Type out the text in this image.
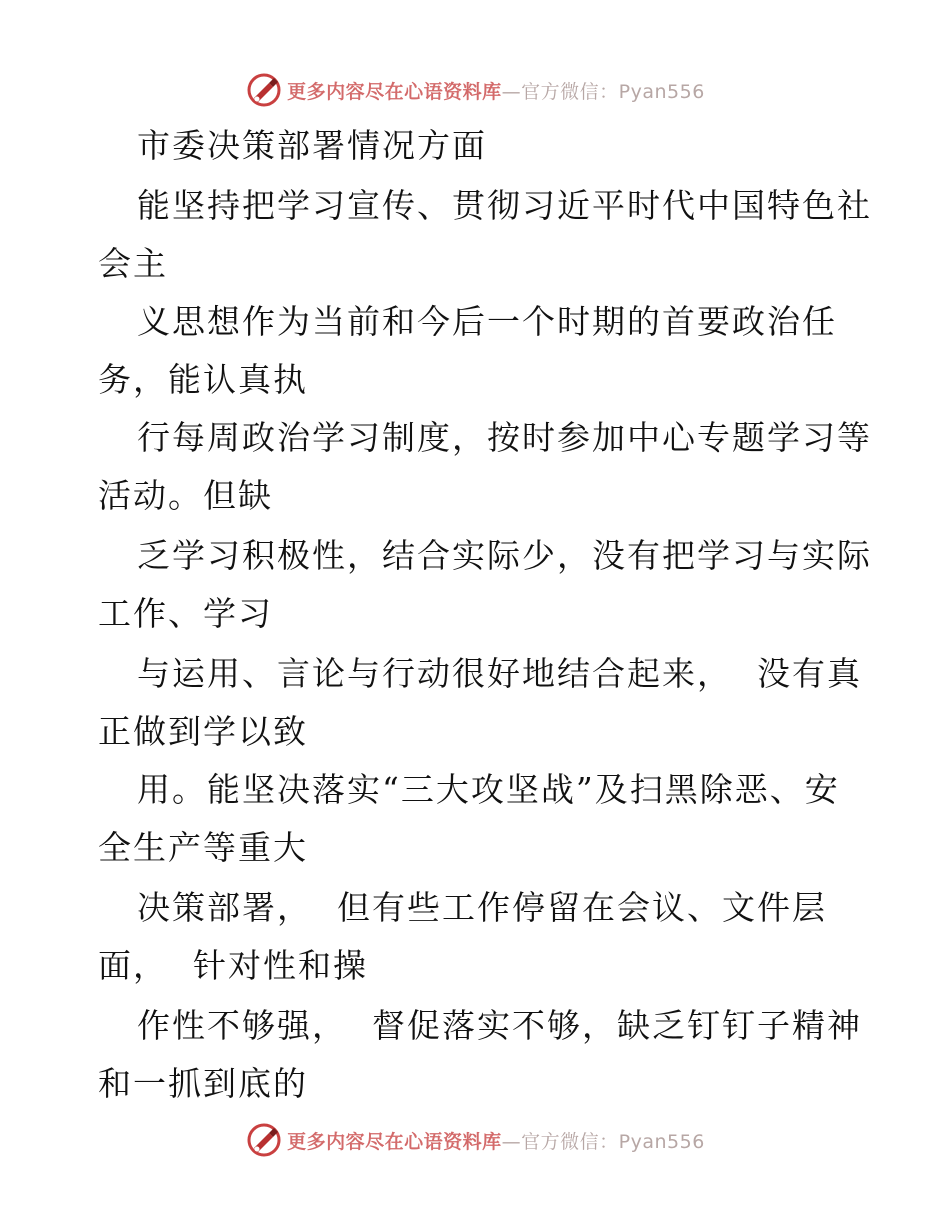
更多内容尽在心语资料库—官方微信：Pyan556
市委决策部署情况方面
能坚持把学习宣传、贯彻习近平时代中国特色社
会主
义思想作为当前和今后一个时期的首要政治任
务，能认真执
行每周政治学习制度，按时参加中心专题学习等
活动。但缺
乏学习积极性，结合实际少，没有把学习与实际
工作、学习
与运用、言论与行动很好地结合起来，  没有真
正做到学以致
用。能坚决落实“三大攻坚战”及扫黑除恶、安
全生产等重大
决策部署，  但有些工作停留在会议、文件层
面，  针对性和操
作性不够强，  督促落实不够，缺乏钉钉子精神
和一抓到底的
更多内容尽在心语资料库—官方微信：Pyan556
